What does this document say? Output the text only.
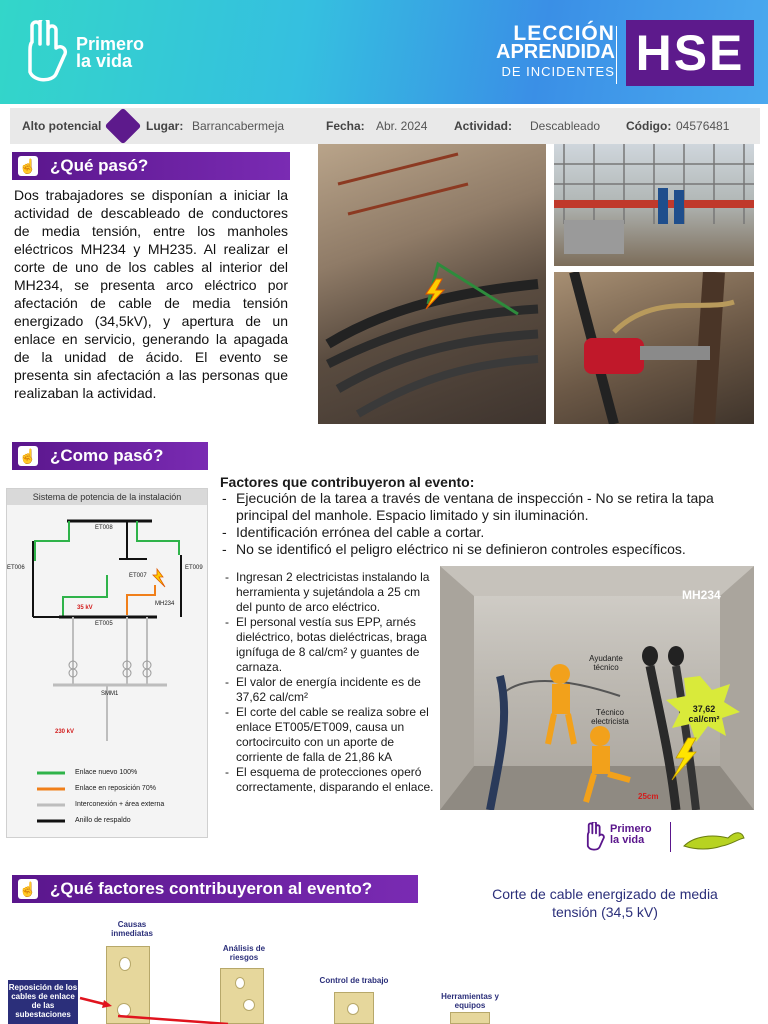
Primero
la vida
LECCIÓN
APRENDIDA
DE INCIDENTES HSE
Alto potencial	Lugar: Barrancabermeja	Fecha: Abr. 2024 Actividad: Descableado Código: 04576481
☝ ¿Qué pasó?
Dos trabajadores se disponían a iniciar la actividad de descableado de conductores de media tensión, entre los manholes eléctricos MH234 y MH235. Al realizar el corte de uno de los cables al interior del MH234, se presenta arco eléctrico por afectación de cable de media tensión energizado (34,5kV), y apertura de un enlace en servicio, generando la apagada de la unidad de ácido. El evento se presenta sin afectación a las personas que realizaban la actividad.
☝ ¿Como pasó?
Factores que contribuyeron al evento:
- Ejecución de la tarea a través de ventana de inspección - No se retira la tapa principal del manhole. Espacio limitado y sin iluminación.
- Identificación errónea del cable a cortar.
- No se identificó el peligro eléctrico ni se definieron controles específicos.
- Ingresan 2 electricistas instalando la herramienta y sujetándola a 25 cm del punto de arco eléctrico.
- El personal vestía sus EPP, arnés dieléctrico, botas dieléctricas, braga ignífuga de 8 cal/cm² y guantes de carnaza.
- El valor de energía incidente es de 37,62 cal/cm²
- El corte del cable se realiza sobre el enlace ET005/ET009, causa un cortocircuito con un aporte de corriente de falla de 21,86 kA
- El esquema de protecciones operó correctamente, disparando el enlace.
Sistema de potencia de la instalación
ET008
ET006
ET007
ET009
MH234
ET005
SMM1
35 kV
230 kV
Enlace nuevo 100%
Enlace en reposición 70%
Interconexión + área externa
Anillo de respaldo
MH234
Ayudante técnico
Técnico electricista
37,62 cal/cm²
25cm
Primero
la vida
☝ ¿Qué factores contribuyeron al evento?	Corte de cable energizado de media tensión (34,5 kV)
Causas inmediatas
Análisis de riesgos
Control de trabajo
Herramientas y equipos
Reposición de los cables de enlace de las subestaciones
